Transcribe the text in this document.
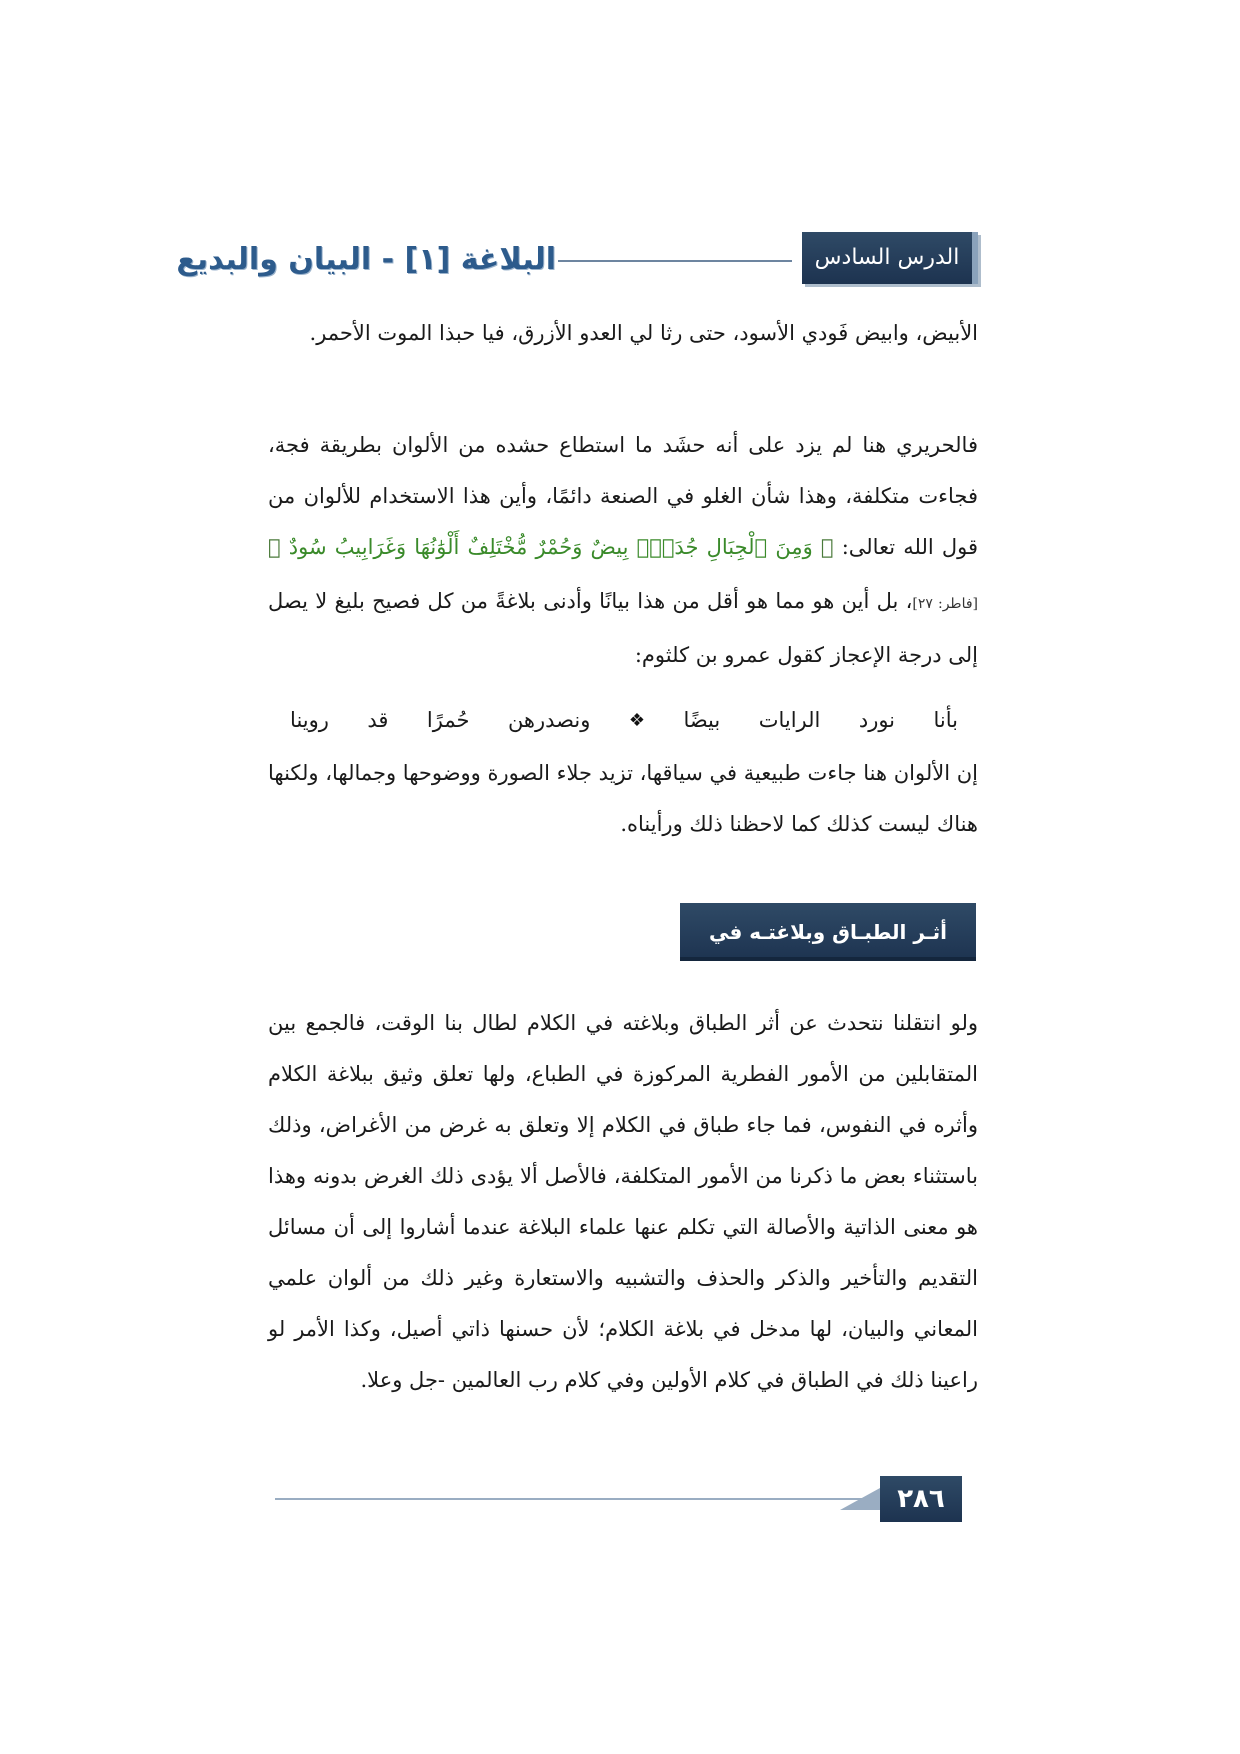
الدرس السادس عشر
البلاغة [١] - البيان والبديع

الأبيض، وابيض فَودي الأسود، حتى رثا لي العدو الأزرق، فيا حبذا الموت الأحمر.

فالحريري هنا لم يزد على أنه حشَد ما استطاع حشده من الألوان بطريقة فجة، فجاءت متكلفة، وهذا شأن الغلو في الصنعة دائمًا، وأين هذا الاستخدام للألوان من قول الله تعالى: ﴿ وَمِنَ ٱلْجِبَالِ جُدَدٌۢ بِيضٌ وَحُمْرٌ مُّخْتَلِفٌ أَلْوَٰنُهَا وَغَرَابِيبُ سُودٌ ﴾ [فاطر: ٢٧]، بل أين هو مما هو أقل من هذا بيانًا وأدنى بلاغةً من كل فصيح بليغ لا يصل إلى درجة الإعجاز كقول عمرو بن كلثوم:

بأنا
نورد
الرايات
بيضًا
❖
ونصدرهن
حُمرًا
قد
روينا

إن الألوان هنا جاءت طبيعية في سياقها، تزيد جلاء الصورة ووضوحها وجمالها، ولكنها هناك ليست كذلك كما لاحظنا ذلك ورأيناه.

أثـر الطبـاق وبلاغتـه في الكـلام

ولو انتقلنا نتحدث عن أثر الطباق وبلاغته في الكلام لطال بنا الوقت، فالجمع بين المتقابلين من الأمور الفطرية المركوزة في الطباع، ولها تعلق وثيق ببلاغة الكلام وأثره في النفوس، فما جاء طباق في الكلام إلا وتعلق به غرض من الأغراض، وذلك باستثناء بعض ما ذكرنا من الأمور المتكلفة، فالأصل ألا يؤدى ذلك الغرض بدونه وهذا هو معنى الذاتية والأصالة التي تكلم عنها علماء البلاغة عندما أشاروا إلى أن مسائل التقديم والتأخير والذكر والحذف والتشبيه والاستعارة وغير ذلك من ألوان علمي المعاني والبيان، لها مدخل في بلاغة الكلام؛ لأن حسنها ذاتي أصيل، وكذا الأمر لو راعينا ذلك في الطباق في كلام الأولين وفي كلام رب العالمين -جل وعلا.

٢٨٦
